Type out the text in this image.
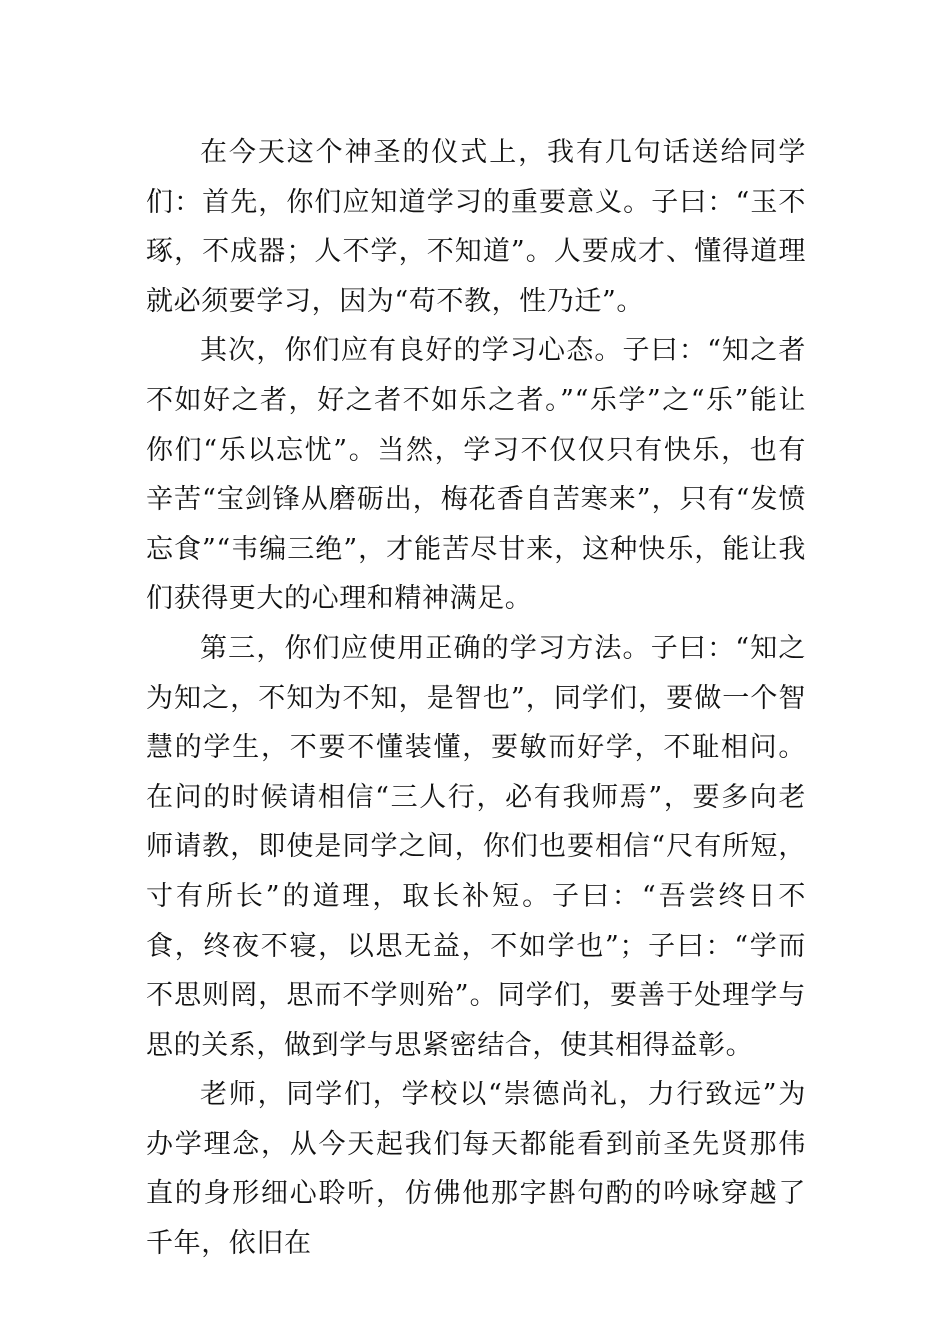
在今天这个神圣的仪式上，我有几句话送给同学们：首先，你们应知道学习的重要意义。子曰：“玉不琢，不成器；人不学，不知道”。人要成才、懂得道理就必须要学习，因为“苟不教，性乃迁”。

其次，你们应有良好的学习心态。子曰：“知之者不如好之者，好之者不如乐之者。”“乐学”之“乐”能让你们“乐以忘忧”。当然，学习不仅仅只有快乐，也有辛苦“宝剑锋从磨砺出，梅花香自苦寒来”，只有“发愤忘食”“韦编三绝”，才能苦尽甘来，这种快乐，能让我们获得更大的心理和精神满足。

第三，你们应使用正确的学习方法。子曰：“知之为知之，不知为不知，是智也”，同学们，要做一个智慧的学生，不要不懂装懂，要敏而好学，不耻相问。在问的时候请相信“三人行，必有我师焉”，要多向老师请教，即使是同学之间，你们也要相信“尺有所短，寸有所长”的道理，取长补短。子曰：“吾尝终日不食，终夜不寝，以思无益，不如学也”；子曰：“学而不思则罔，思而不学则殆”。同学们，要善于处理学与思的关系，做到学与思紧密结合，使其相得益彰。

老师，同学们，学校以“崇德尚礼，力行致远”为办学理念，从今天起我们每天都能看到前圣先贤那伟直的身形细心聆听，仿佛他那字斟句酌的吟咏穿越了千年，依旧在
